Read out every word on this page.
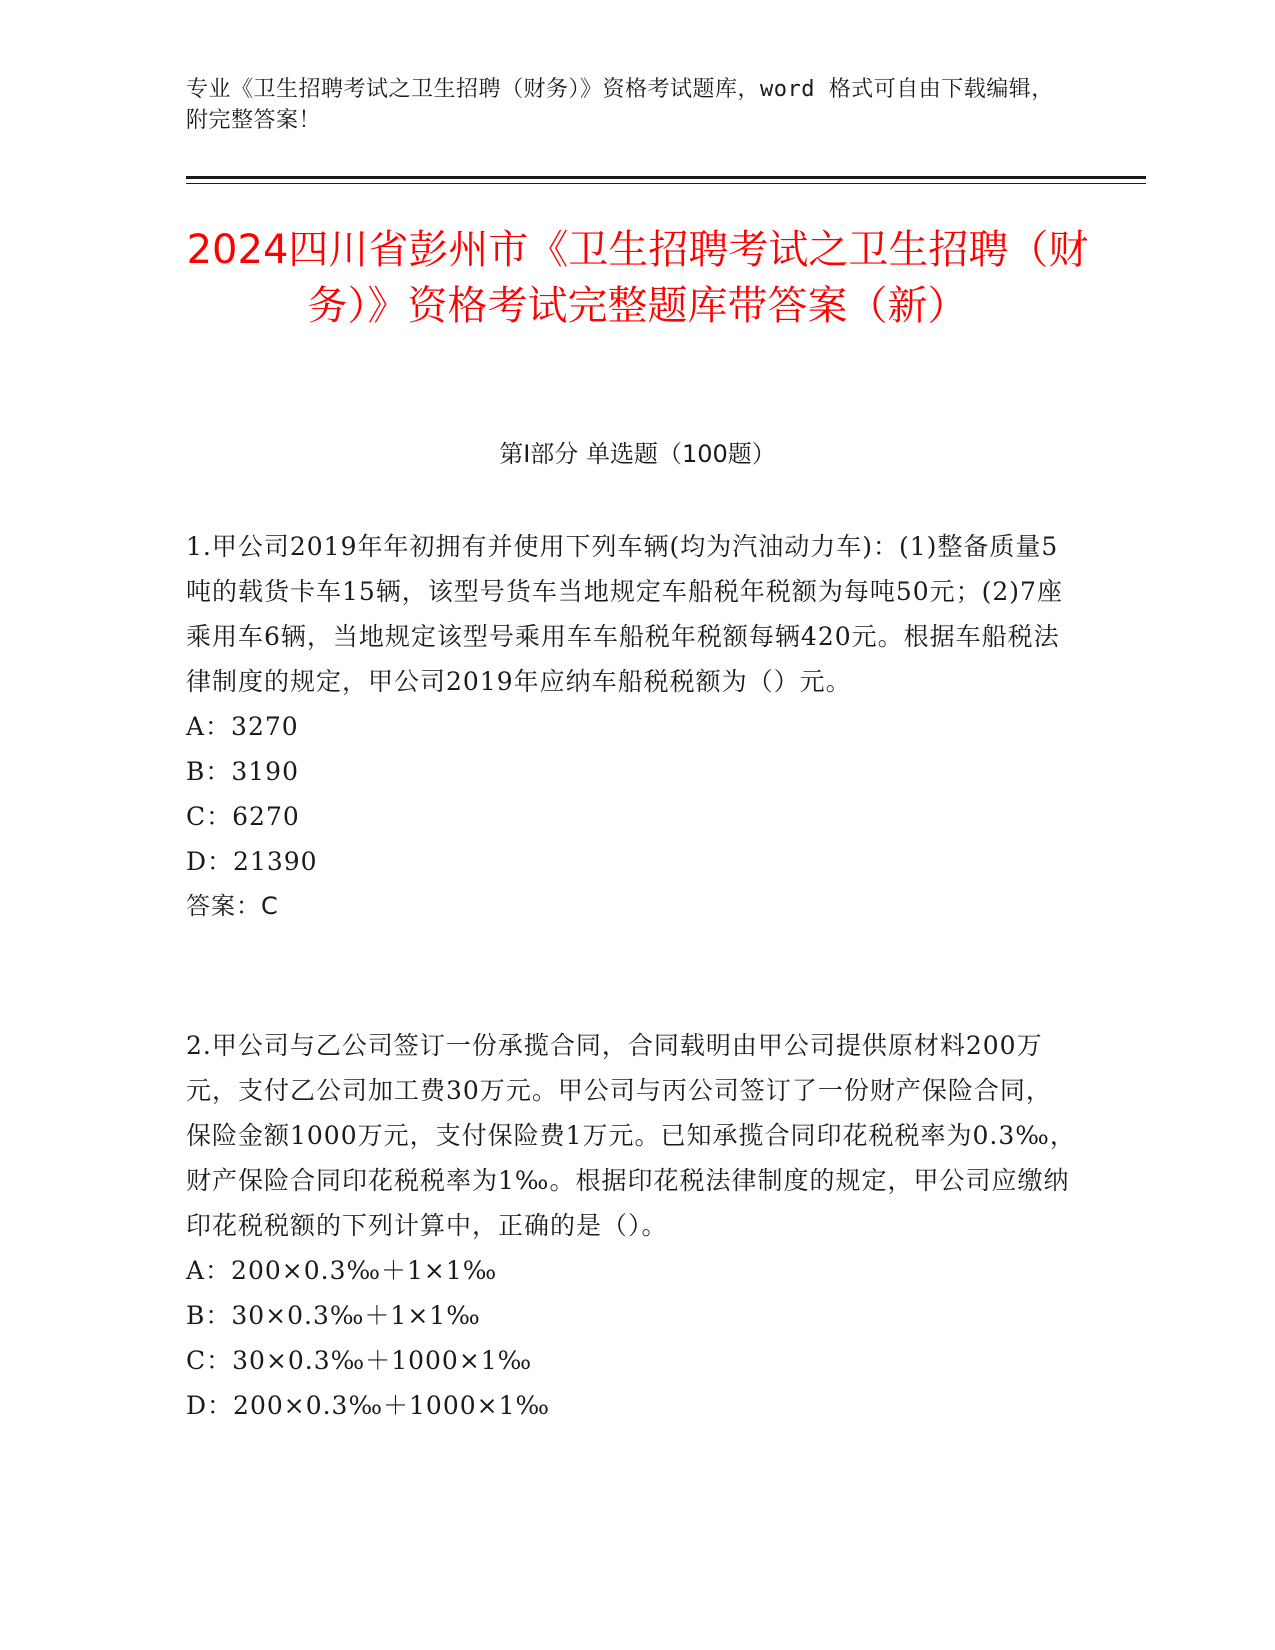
专业《卫生招聘考试之卫生招聘（财务）》资格考试题库，word 格式可自由下载编辑，附完整答案！
2024四川省彭州市《卫生招聘考试之卫生招聘（财务）》资格考试完整题库带答案（新）
第Ⅰ部分 单选题（100题）

1.甲公司2019年年初拥有并使用下列车辆(均为汽油动力车)：(1)整备质量5吨的载货卡车15辆，该型号货车当地规定车船税年税额为每吨50元；(2)7座乘用车6辆，当地规定该型号乘用车车船税年税额每辆420元。根据车船税法律制度的规定，甲公司2019年应纳车船税税额为（）元。

A：3270

B：3190

C：6270

D：21390

答案：C

2.甲公司与乙公司签订一份承揽合同，合同载明由甲公司提供原材料200万元，支付乙公司加工费30万元。甲公司与丙公司签订了一份财产保险合同，保险金额1000万元，支付保险费1万元。已知承揽合同印花税税率为0.3‰，财产保险合同印花税税率为1‰。根据印花税法律制度的规定，甲公司应缴纳印花税税额的下列计算中，正确的是（）。

A：200×0.3‰＋1×1‰

B：30×0.3‰＋1×1‰

C：30×0.3‰＋1000×1‰

D：200×0.3‰＋1000×1‰
